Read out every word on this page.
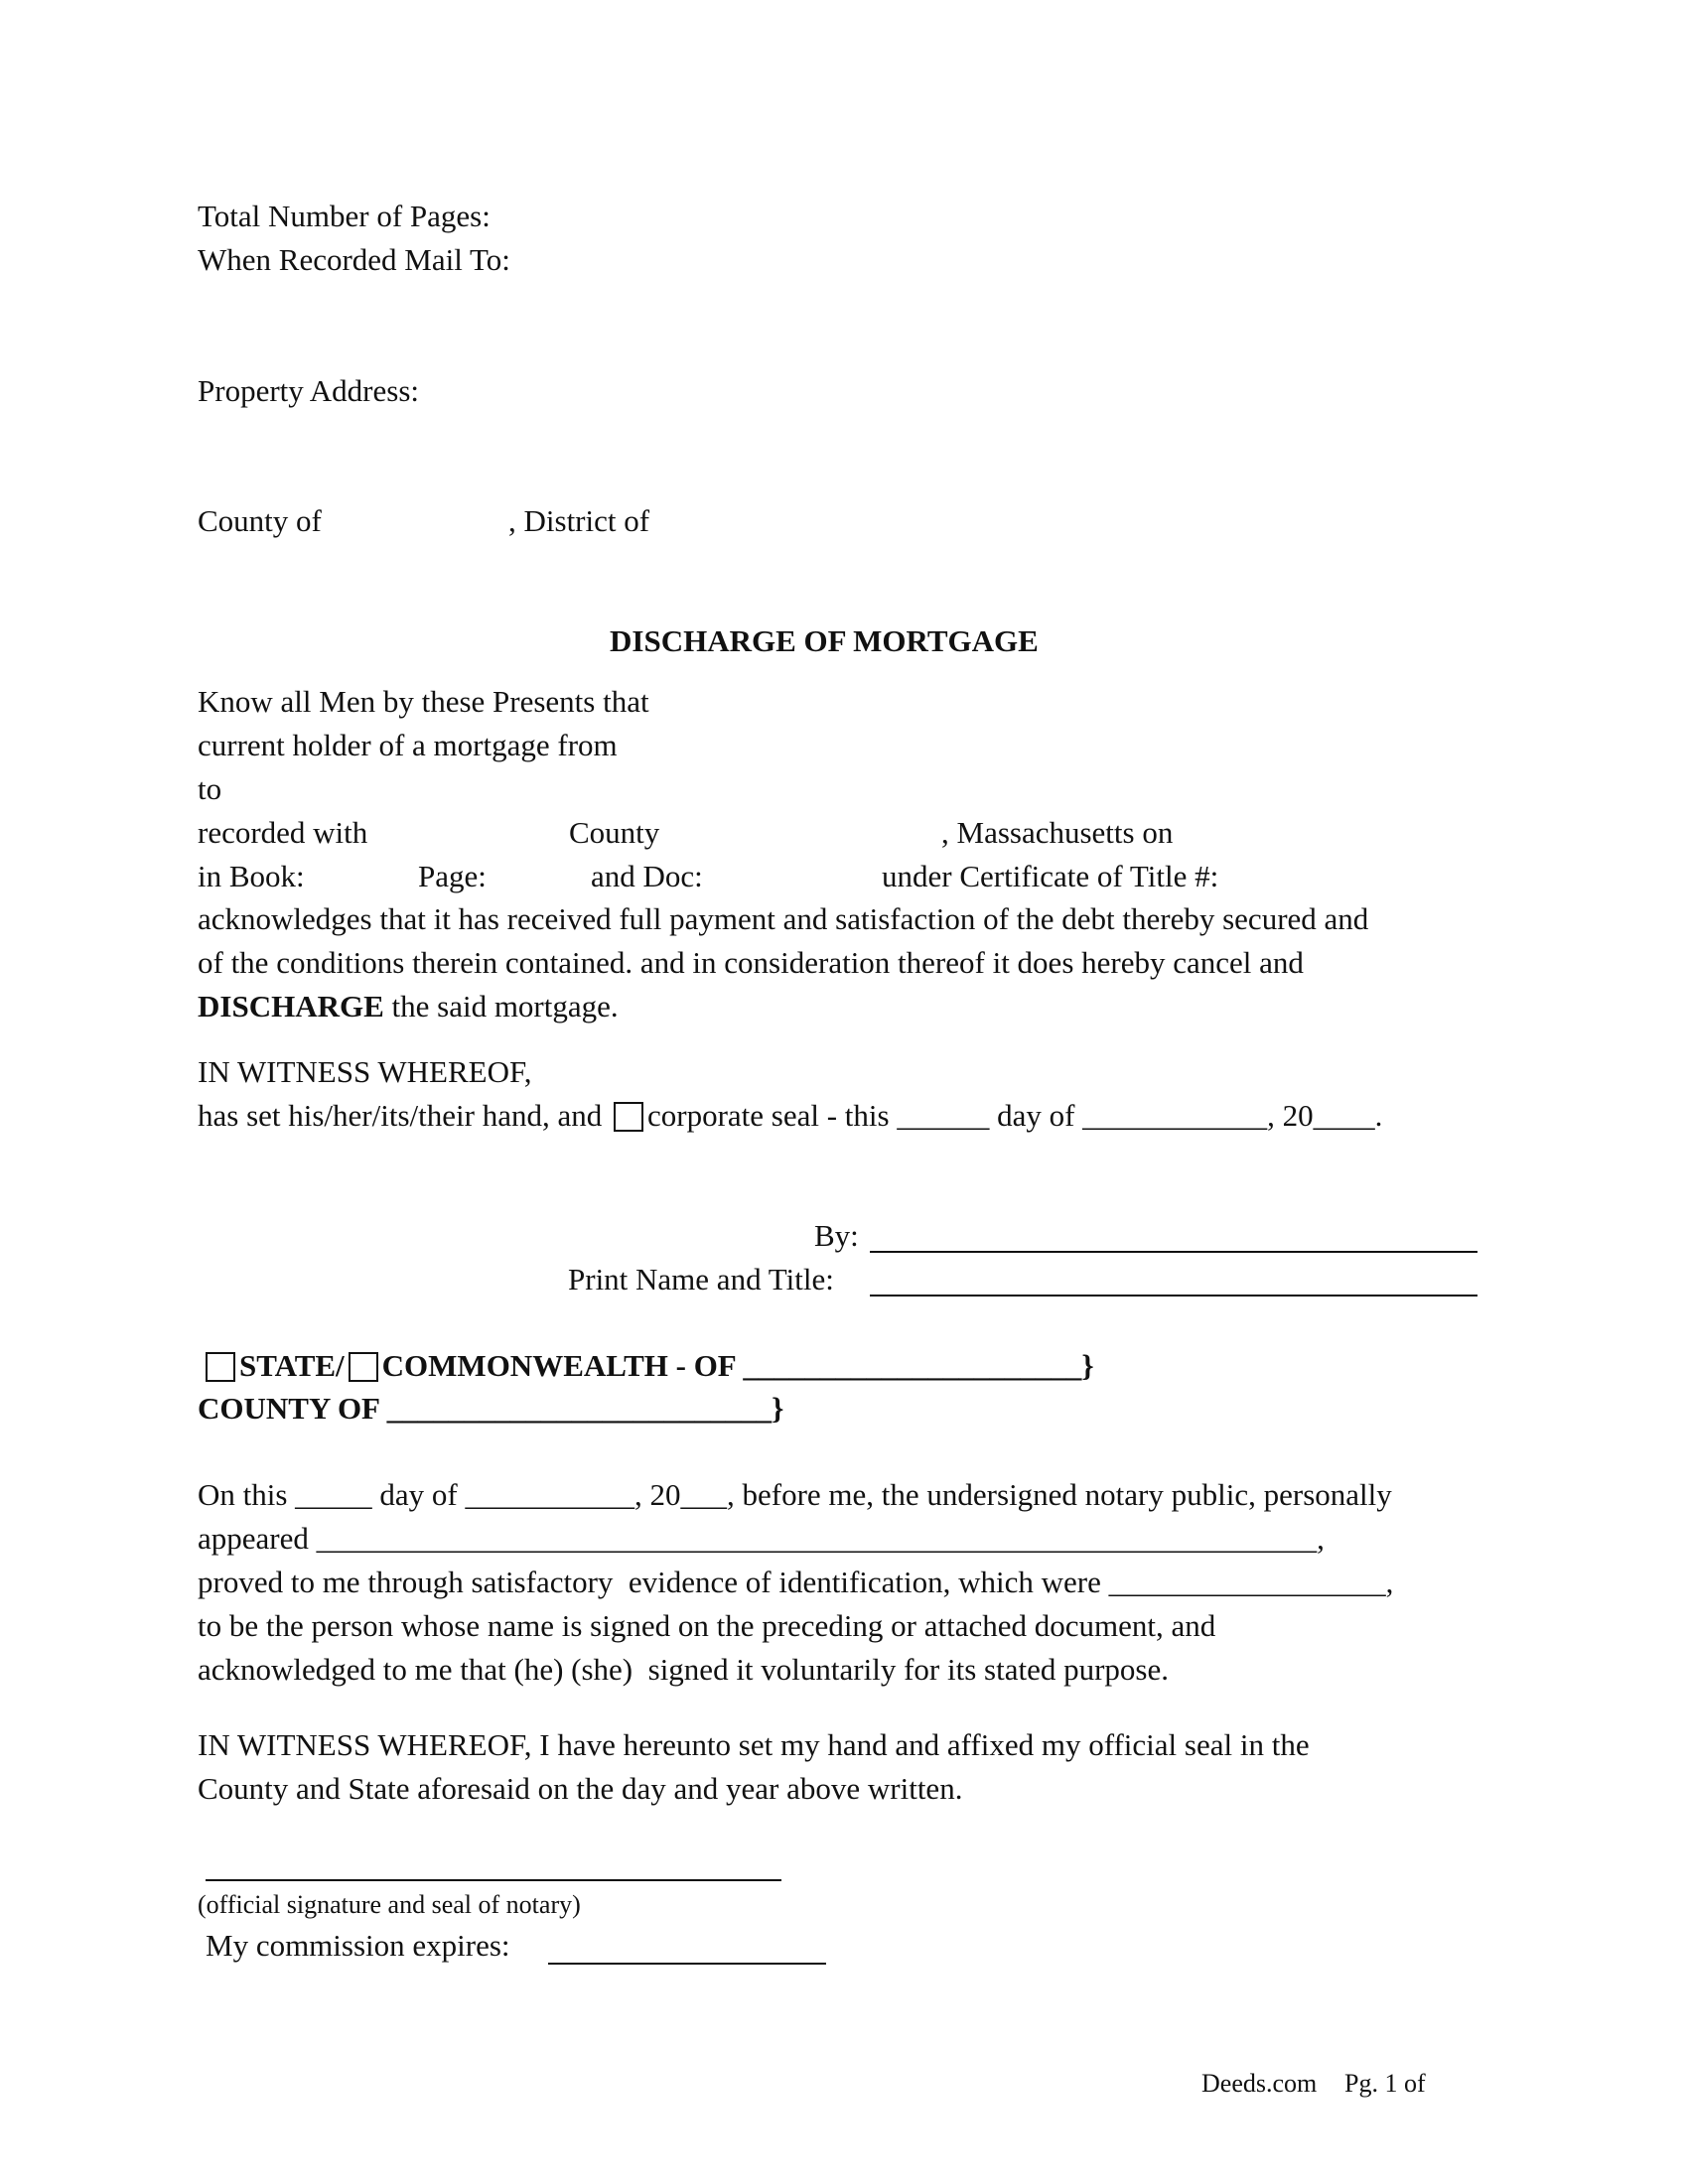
Total Number of Pages:
When Recorded Mail To:
Property Address:
County of	, District of
DISCHARGE OF MORTGAGE
Know all Men by these Presents that
current holder of a mortgage from
to
recorded with	County	, Massachusetts on
in Book:	Page:	and Doc:	under Certificate of Title #:
acknowledges that it has received full payment and satisfaction of the debt thereby secured and
of the conditions therein contained. and in consideration thereof it does hereby cancel and
DISCHARGE the said mortgage.
IN WITNESS WHEREOF,
has set his/her/its/their hand, and corporate seal - this ______ day of ____________, 20____.
By:
Print Name and Title:
STATE/ COMMONWEALTH - OF ______________________}
COUNTY OF _________________________}
On this _____ day of ___________, 20___, before me, the undersigned notary public, personally
appeared _________________________________________________________________,
proved to me through satisfactory  evidence of identification, which were __________________,
to be the person whose name is signed on the preceding or attached document, and
acknowledged to me that (he) (she)  signed it voluntarily for its stated purpose.
IN WITNESS WHEREOF, I have hereunto set my hand and affixed my official seal in the
County and State aforesaid on the day and year above written.
(official signature and seal of notary)
My commission expires:
Deeds.com Pg. 1 of
